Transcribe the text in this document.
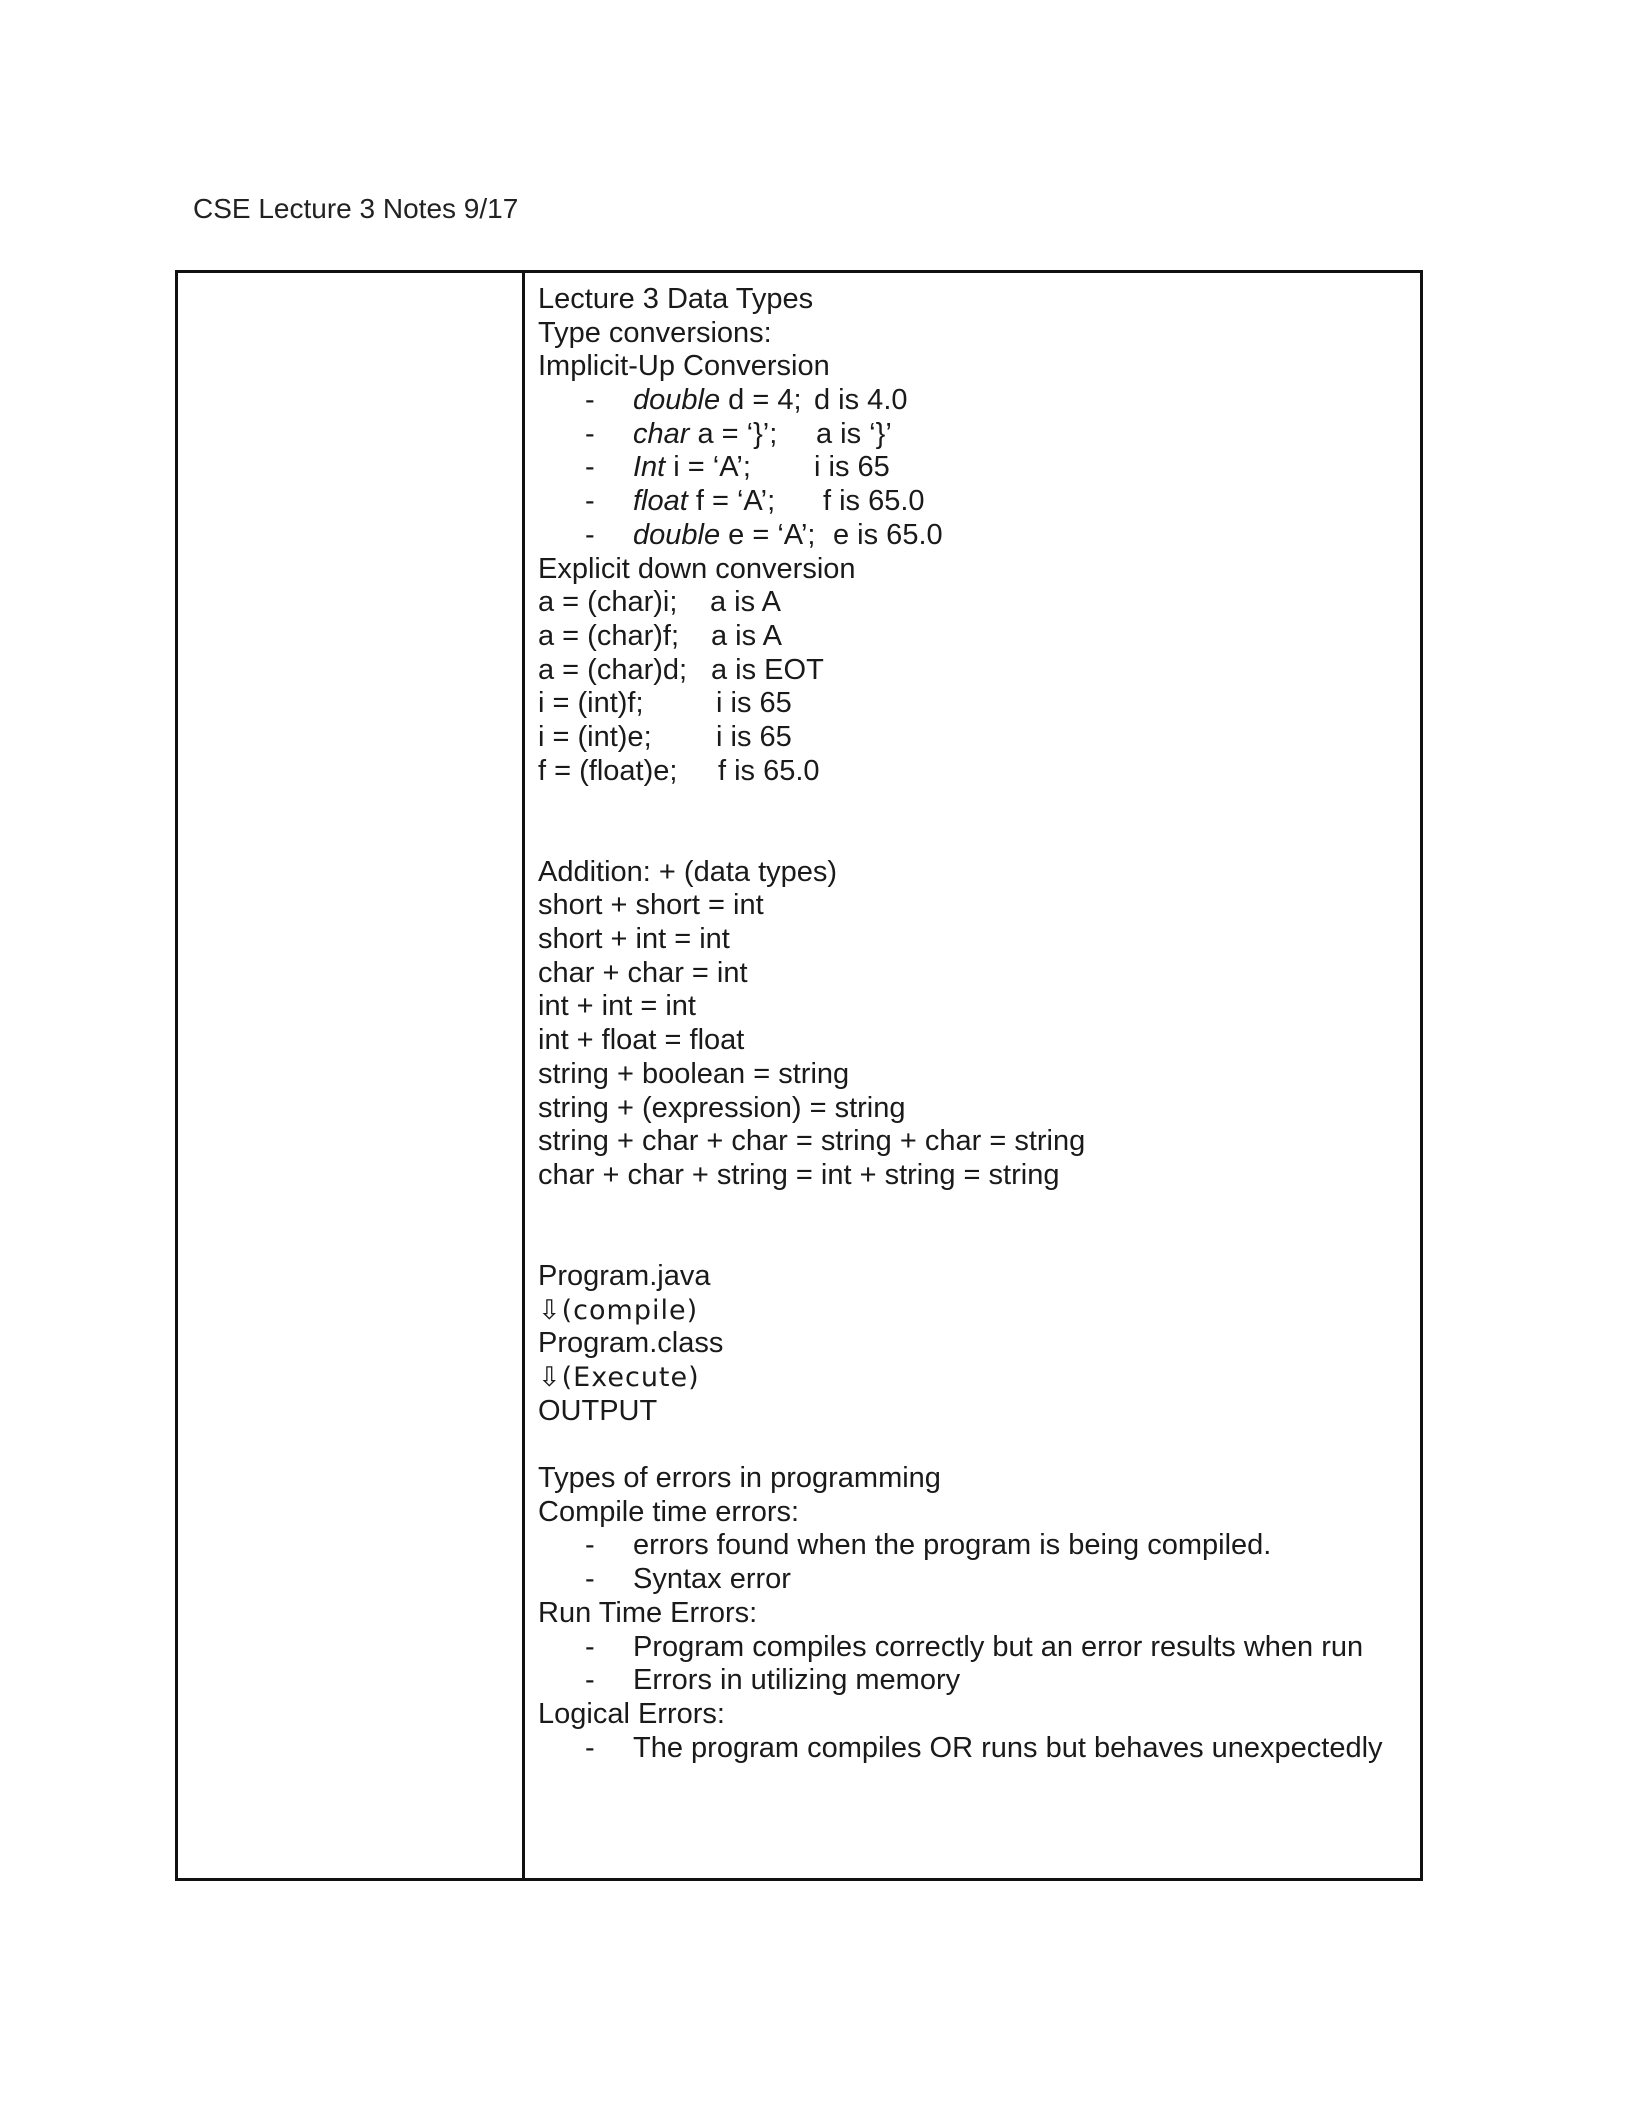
CSE Lecture 3 Notes 9/17
Lecture 3 Data Types
Type conversions:
Implicit-Up Conversion
-	double d = 4; d is 4.0
-	char a = ‘}’;	a is ‘}’
-	Int i = ‘A’;	i is 65
-	float f = ‘A’;	f is 65.0
-	double e = ‘A’; e is 65.0
Explicit down conversion
a = (char)i;	a is A
a = (char)f;	a is A
a = (char)d; a is EOT
i = (int)f;	i is 65
i = (int)e;	i is 65
f = (float)e;	f is 65.0
Addition: + (data types)
short + short = int
short + int = int
char + char = int
int + int = int
int + float = float
string + boolean = string
string + (expression) = string
string + char + char = string + char = string
char + char + string = int + string = string
Program.java
⇩(compile)
Program.class
⇩(Execute)
OUTPUT
Types of errors in programming
Compile time errors:
-	errors found when the program is being compiled.
-	Syntax error
Run Time Errors:
-	Program compiles correctly but an error results when run
-	Errors in utilizing memory
Logical Errors:
-	The program compiles OR runs but behaves unexpectedly
